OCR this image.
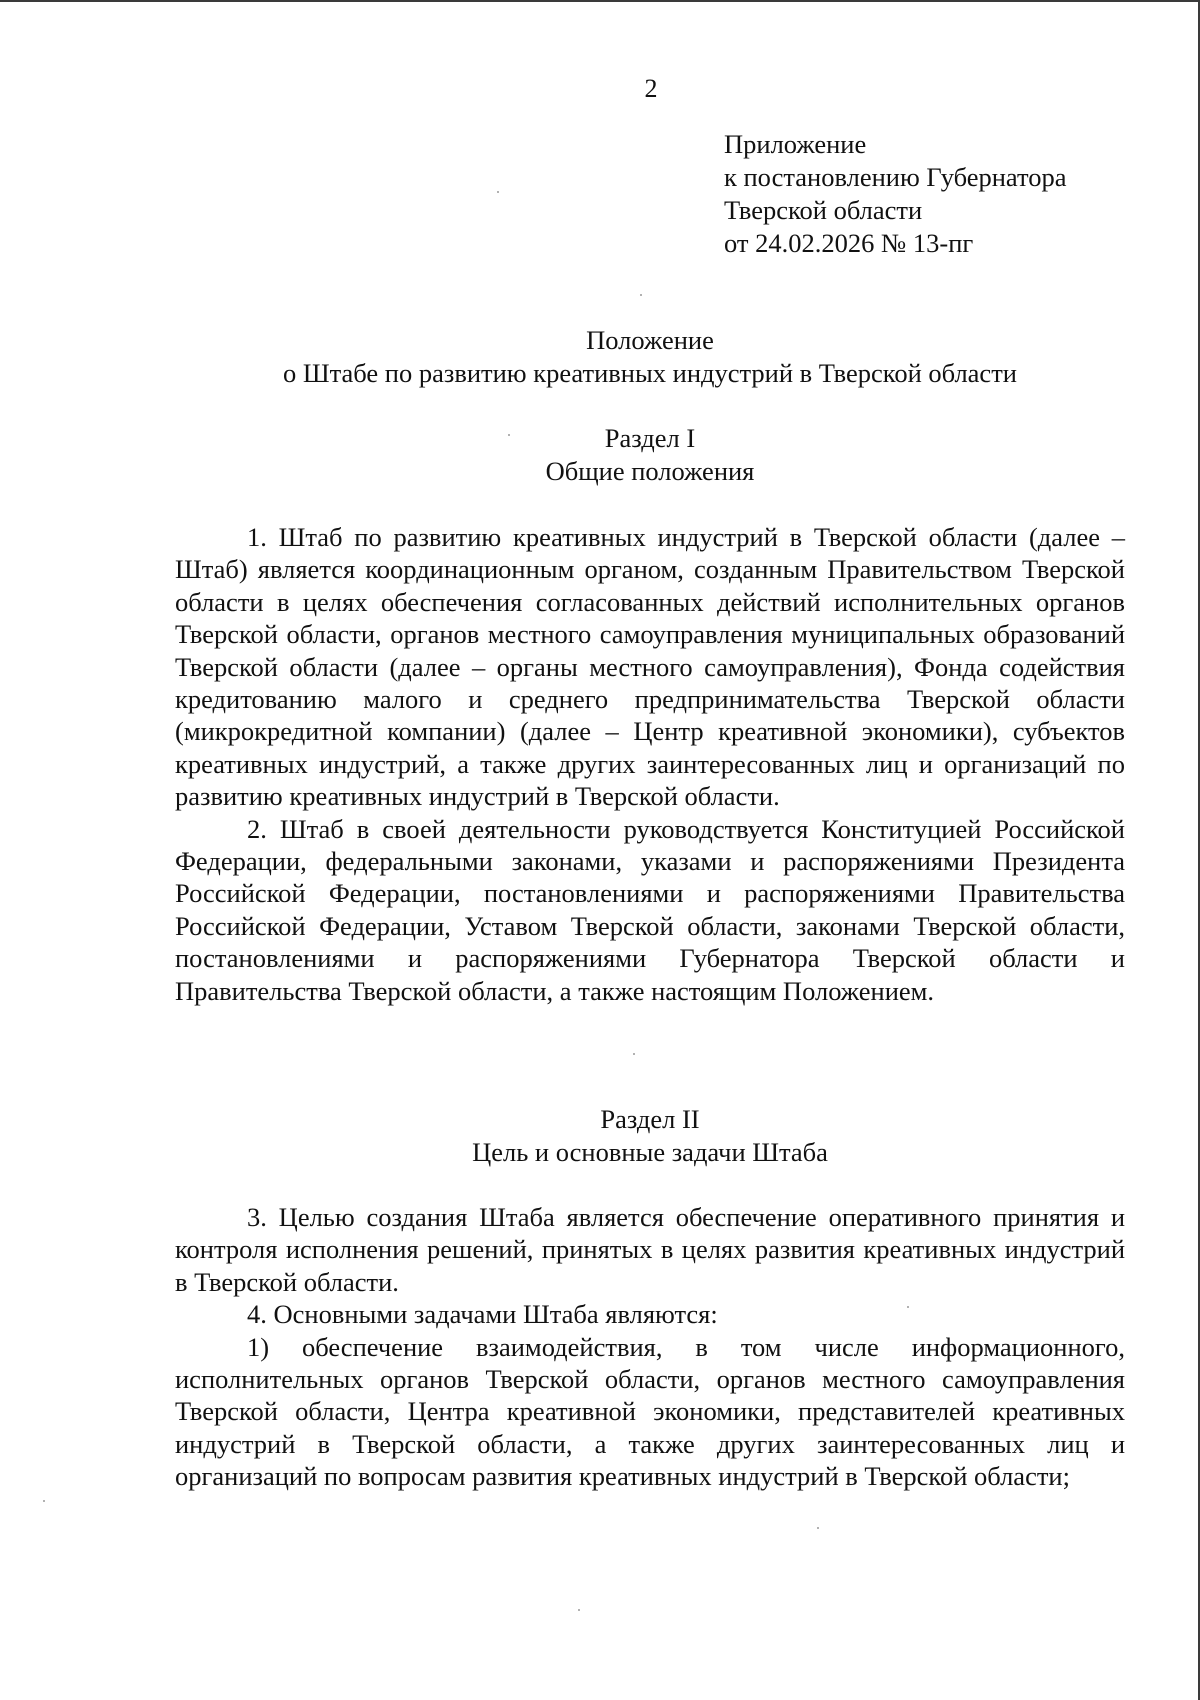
2
Приложение
к постановлению Губернатора
Тверской области
от 24.02.2026 № 13-пг
Положение
о Штабе по развитию креативных индустрий в Тверской области
Раздел I
Общие положения

1. Штаб по развитию креативных индустрий в Тверской области (далее – Штаб) является координационным органом, созданным Правительством Тверской области в целях обеспечения согласованных действий исполнительных органов Тверской области, органов местного самоуправления муниципальных образований Тверской области (далее – органы местного самоуправления), Фонда содействия кредитованию малого и среднего предпринимательства Тверской области (микрокредитной компании) (далее – Центр креативной экономики), субъектов креативных индустрий, а также других заинтересованных лиц и организаций по развитию креативных индустрий в Тверской области.

2. Штаб в своей деятельности руководствуется Конституцией Российской Федерации, федеральными законами, указами и распоряжениями Президента Российской Федерации, постановлениями и распоряжениями Правительства Российской Федерации, Уставом Тверской области, законами Тверской области, постановлениями и распоряжениями Губернатора Тверской области и Правительства Тверской области, а также настоящим Положением.

Раздел II
Цель и основные задачи Штаба

3. Целью создания Штаба является обеспечение оперативного принятия и контроля исполнения решений, принятых в целях развития креативных индустрий в Тверской области.

4. Основными задачами Штаба являются:

1) обеспечение взаимодействия, в том числе информационного, исполнительных органов Тверской области, органов местного самоуправления Тверской области, Центра креативной экономики, представителей креативных индустрий в Тверской области, а также других заинтересованных лиц и организаций по вопросам развития креативных индустрий в Тверской области;
